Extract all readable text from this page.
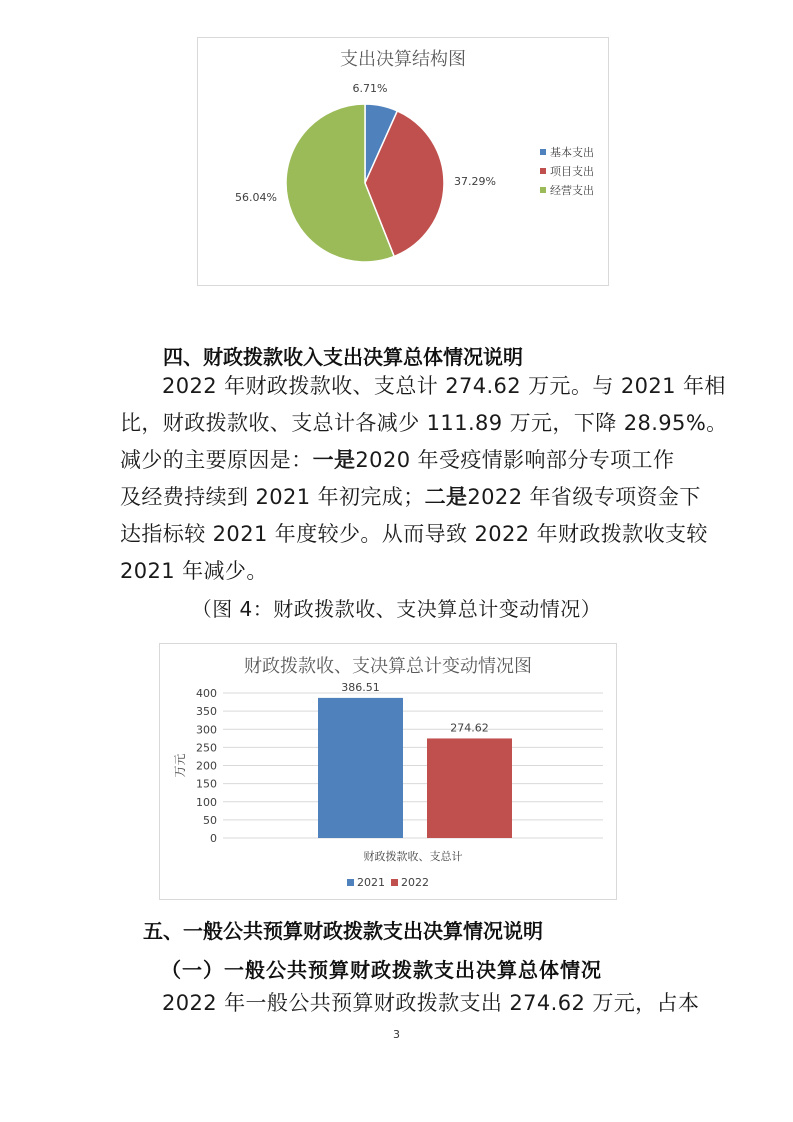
支出决算结构图
6.71%
37.29%
56.04%
基本支出
项目支出
经营支出
四、财政拨款收入支出决算总体情况说明
2022 年财政拨款收、支总计 274.62 万元。与 2021 年相
比，财政拨款收、支总计各减少 111.89 万元，下降 28.95%。
减少的主要原因是：一是2020 年受疫情影响部分专项工作
及经费持续到 2021 年初完成；二是2022 年省级专项资金下
达指标较 2021 年度较少。从而导致 2022 年财政拨款收支较
2021 年减少。
（图 4：财政拨款收、支决算总计变动情况）
财政拨款收、支决算总计变动情况图
0
50
100
150
200
250
300
350
400
万元
386.51
274.62
财政拨款收、支总计
2021 2022
五、一般公共预算财政拨款支出决算情况说明
（一）一般公共预算财政拨款支出决算总体情况
2022 年一般公共预算财政拨款支出 274.62 万元，占本
3
